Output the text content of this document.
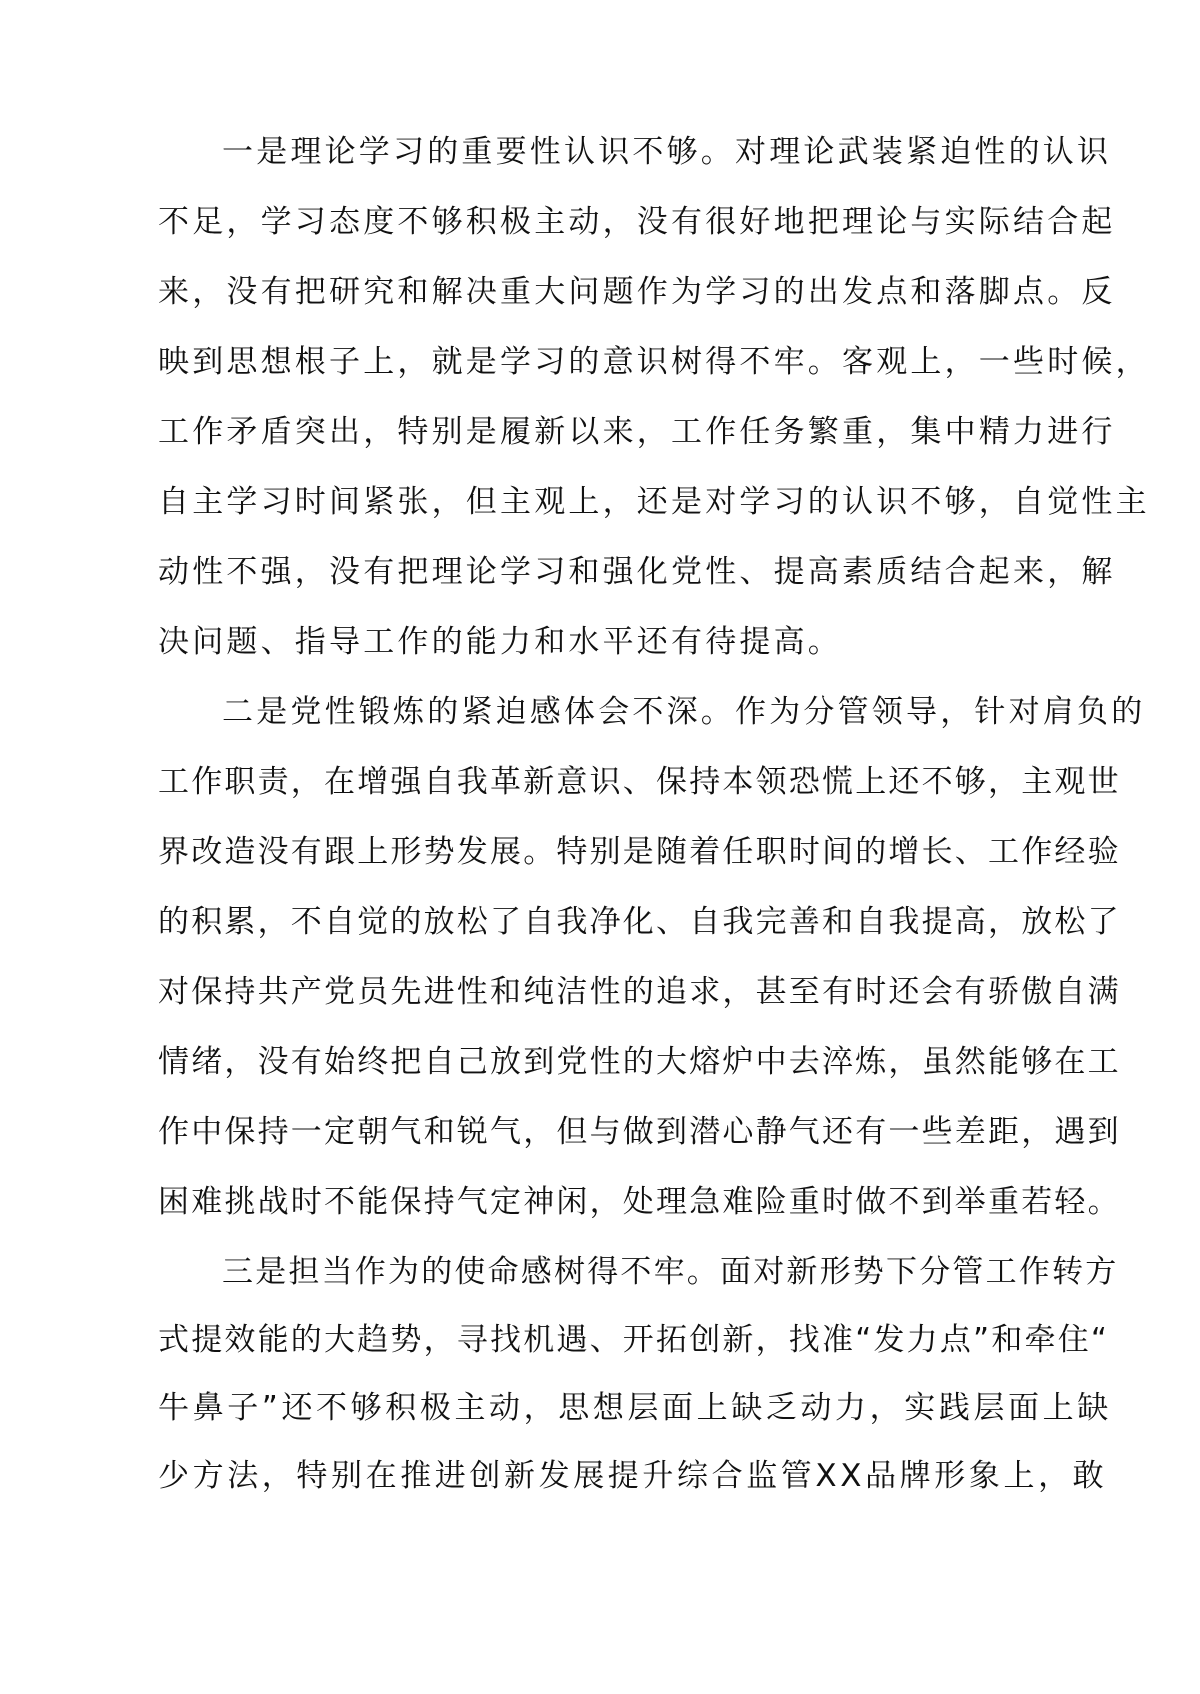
一是理论学习的重要性认识不够。对理论武装紧迫性的认识

不足，学习态度不够积极主动，没有很好地把理论与实际结合起

来，没有把研究和解决重大问题作为学习的出发点和落脚点。反

映到思想根子上，就是学习的意识树得不牢。客观上，一些时候，

工作矛盾突出，特别是履新以来，工作任务繁重，集中精力进行

自主学习时间紧张，但主观上，还是对学习的认识不够，自觉性主

动性不强，没有把理论学习和强化党性、提高素质结合起来，解

决问题、指导工作的能力和水平还有待提高。

二是党性锻炼的紧迫感体会不深。作为分管领导，针对肩负的

工作职责，在增强自我革新意识、保持本领恐慌上还不够，主观世

界改造没有跟上形势发展。特别是随着任职时间的增长、工作经验

的积累，不自觉的放松了自我净化、自我完善和自我提高，放松了

对保持共产党员先进性和纯洁性的追求，甚至有时还会有骄傲自满

情绪，没有始终把自己放到党性的大熔炉中去淬炼，虽然能够在工

作中保持一定朝气和锐气，但与做到潜心静气还有一些差距，遇到

困难挑战时不能保持气定神闲，处理急难险重时做不到举重若轻。

三是担当作为的使命感树得不牢。面对新形势下分管工作转方

式提效能的大趋势，寻找机遇、开拓创新，找准“发力点”和牵住“

牛鼻子”还不够积极主动，思想层面上缺乏动力，实践层面上缺

少方法，特别在推进创新发展提升综合监管XX品牌形象上，敢
